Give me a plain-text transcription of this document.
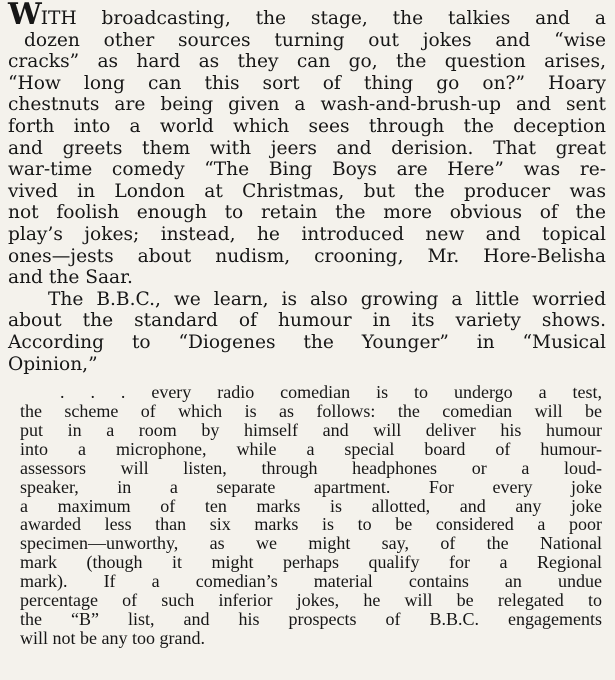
WITH broadcasting, the stage, the talkies and a
dozen other sources turning out jokes and “wise
cracks” as hard as they can go, the question arises,
“How long can this sort of thing go on?” Hoary
chestnuts are being given a wash-and-brush-up and sent
forth into a world which sees through the deception
and greets them with jeers and derision. That great
war-time comedy “The Bing Boys are Here” was re-
vived in London at Christmas, but the producer was
not foolish enough to retain the more obvious of the
play’s jokes; instead, he introduced new and topical
ones—jests about nudism, crooning, Mr. Hore-Belisha
and the Saar.
The B.B.C., we learn, is also growing a little worried
about the standard of humour in its variety shows.
According to “Diogenes the Younger” in “Musical
Opinion,”
. . . every radio comedian is to undergo a test,
the scheme of which is as follows: the comedian will be
put in a room by himself and will deliver his humour
into a microphone, while a special board of humour-
assessors will listen, through headphones or a loud-
speaker, in a separate apartment. For every joke
a maximum of ten marks is allotted, and any joke
awarded less than six marks is to be considered a poor
specimen—unworthy, as we might say, of the National
mark (though it might perhaps qualify for a Regional
mark). If a comedian’s material contains an undue
percentage of such inferior jokes, he will be relegated to
the “B” list, and his prospects of B.B.C. engagements
will not be any too grand.
